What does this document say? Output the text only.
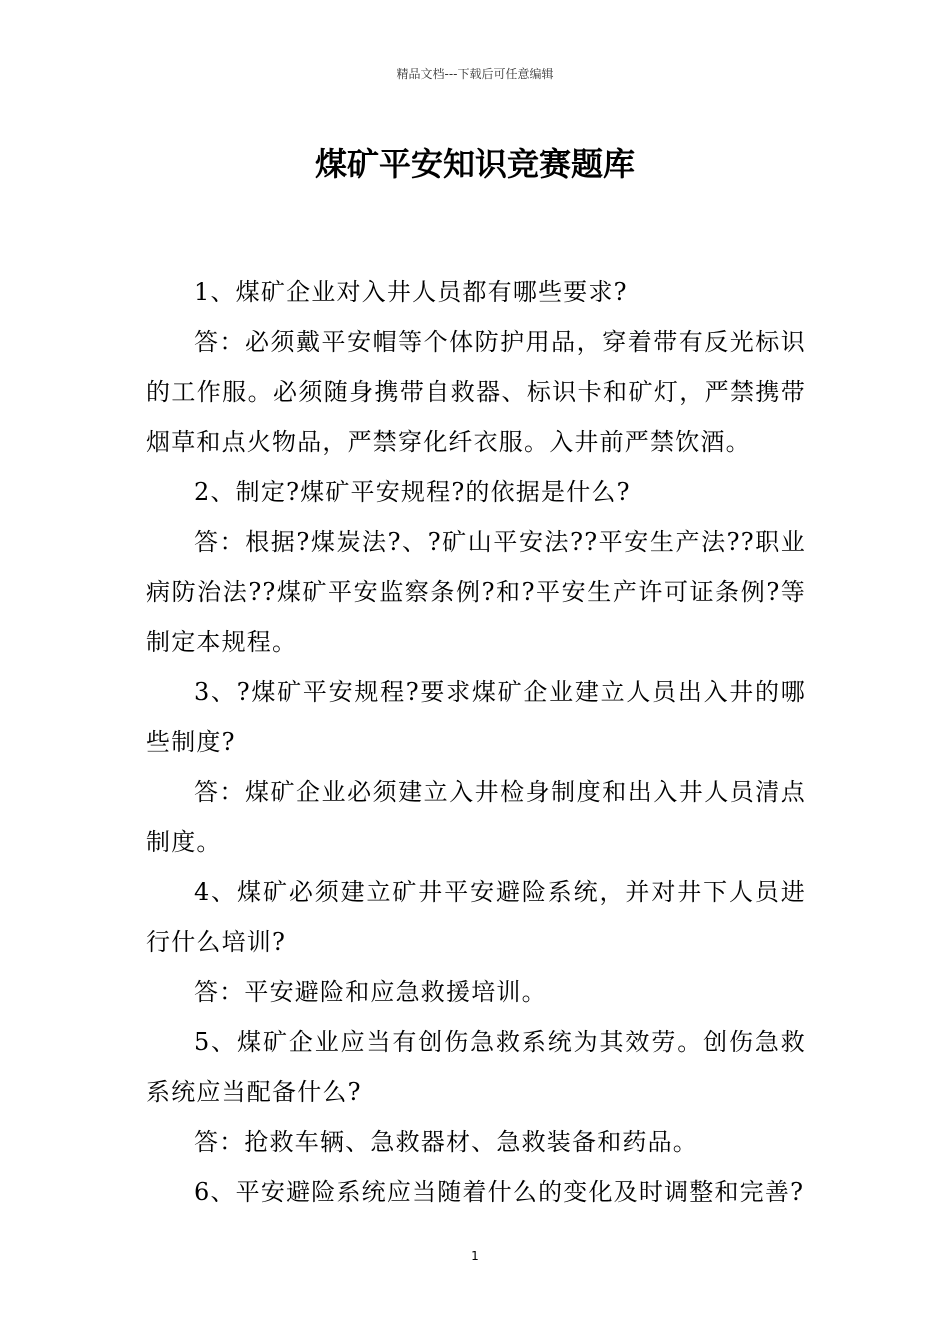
精品文档---下载后可任意编辑
煤矿平安知识竞赛题库

1、煤矿企业对入井人员都有哪些要求?

答：必须戴平安帽等个体防护用品，穿着带有反光标识的工作服。必须随身携带自救器、标识卡和矿灯，严禁携带烟草和点火物品，严禁穿化纤衣服。入井前严禁饮酒。

2、制定?煤矿平安规程?的依据是什么?

答：根据?煤炭法?、?矿山平安法??平安生产法??职业病防治法??煤矿平安监察条例?和?平安生产许可证条例?等制定本规程。

3、?煤矿平安规程?要求煤矿企业建立人员出入井的哪些制度?

答：煤矿企业必须建立入井检身制度和出入井人员清点制度。

4、煤矿必须建立矿井平安避险系统，并对井下人员进行什么培训?

答：平安避险和应急救援培训。

5、煤矿企业应当有创伤急救系统为其效劳。创伤急救系统应当配备什么?

答：抢救车辆、急救器材、急救装备和药品。

6、平安避险系统应当随着什么的变化及时调整和完善?

1
